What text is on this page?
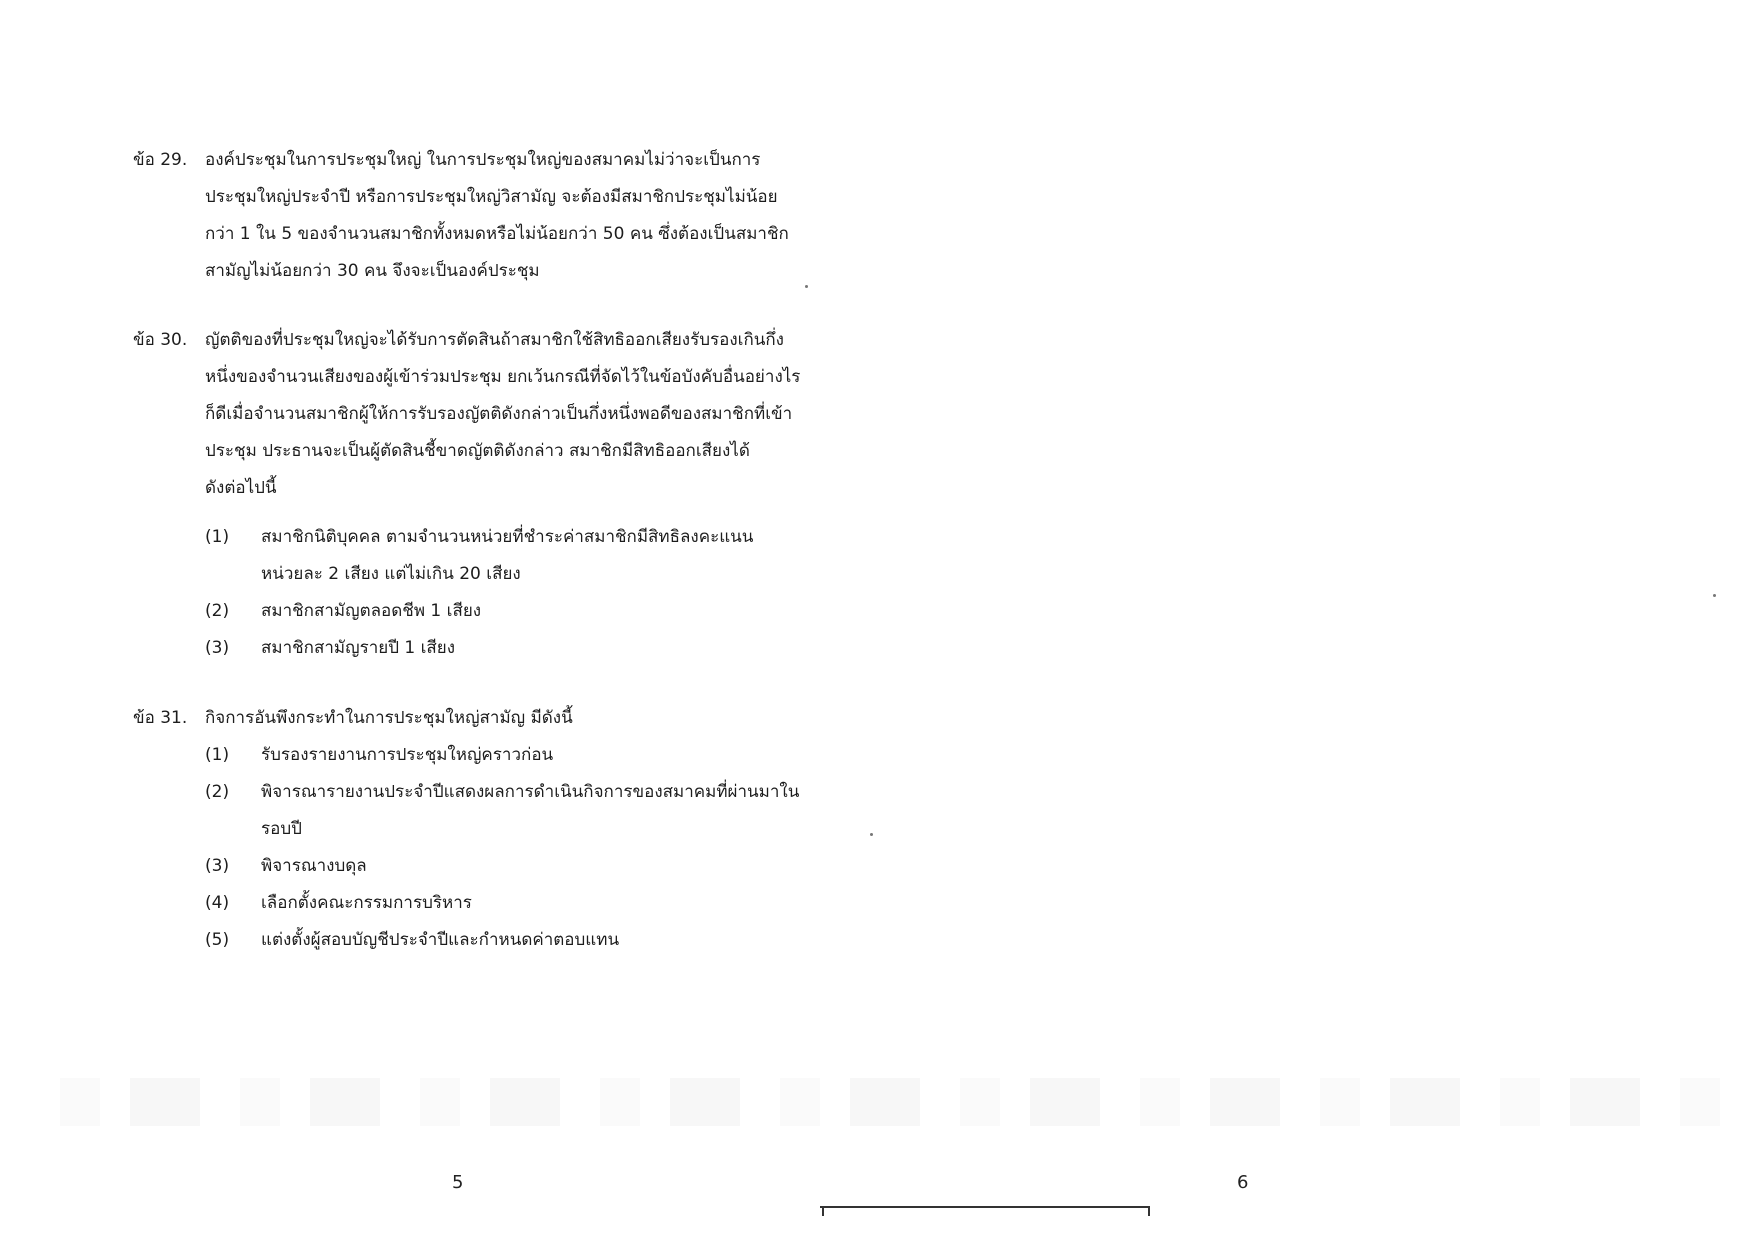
ข้อ 29.	องค์ประชุมในการประชุมใหญ่ ในการประชุมใหญ่ของสมาคมไม่ว่าจะเป็นการ
ประชุมใหญ่ประจำปี หรือการประชุมใหญ่วิสามัญ จะต้องมีสมาชิกประชุมไม่น้อย
กว่า 1 ใน 5 ของจำนวนสมาชิกทั้งหมดหรือไม่น้อยกว่า 50 คน ซึ่งต้องเป็นสมาชิก
สามัญไม่น้อยกว่า 30 คน จึงจะเป็นองค์ประชุม
ข้อ 30.	ญัตติของที่ประชุมใหญ่จะได้รับการตัดสินถ้าสมาชิกใช้สิทธิออกเสียงรับรองเกินกึ่ง
หนึ่งของจำนวนเสียงของผู้เข้าร่วมประชุม ยกเว้นกรณีที่จัดไว้ในข้อบังคับอื่นอย่างไร
ก็ดีเมื่อจำนวนสมาชิกผู้ให้การรับรองญัตติดังกล่าวเป็นกึ่งหนึ่งพอดีของสมาชิกที่เข้า
ประชุม ประธานจะเป็นผู้ตัดสินชี้ขาดญัตติดังกล่าว สมาชิกมีสิทธิออกเสียงได้
ดังต่อไปนี้
(1) สมาชิกนิติบุคคล ตามจำนวนหน่วยที่ชำระค่าสมาชิกมีสิทธิลงคะแนน
หน่วยละ 2 เสียง แต่ไม่เกิน 20 เสียง
(2) สมาชิกสามัญตลอดชีพ 1 เสียง
(3) สมาชิกสามัญรายปี 1 เสียง
ข้อ 31.	กิจการอันพึงกระทำในการประชุมใหญ่สามัญ มีดังนี้
(1) รับรองรายงานการประชุมใหญ่คราวก่อน
(2) พิจารณารายงานประจำปีแสดงผลการดำเนินกิจการของสมาคมที่ผ่านมาใน
รอบปี
(3) พิจารณางบดุล
(4) เลือกตั้งคณะกรรมการบริหาร
(5) แต่งตั้งผู้สอบบัญชีประจำปีและกำหนดค่าตอบแทน
5	6
